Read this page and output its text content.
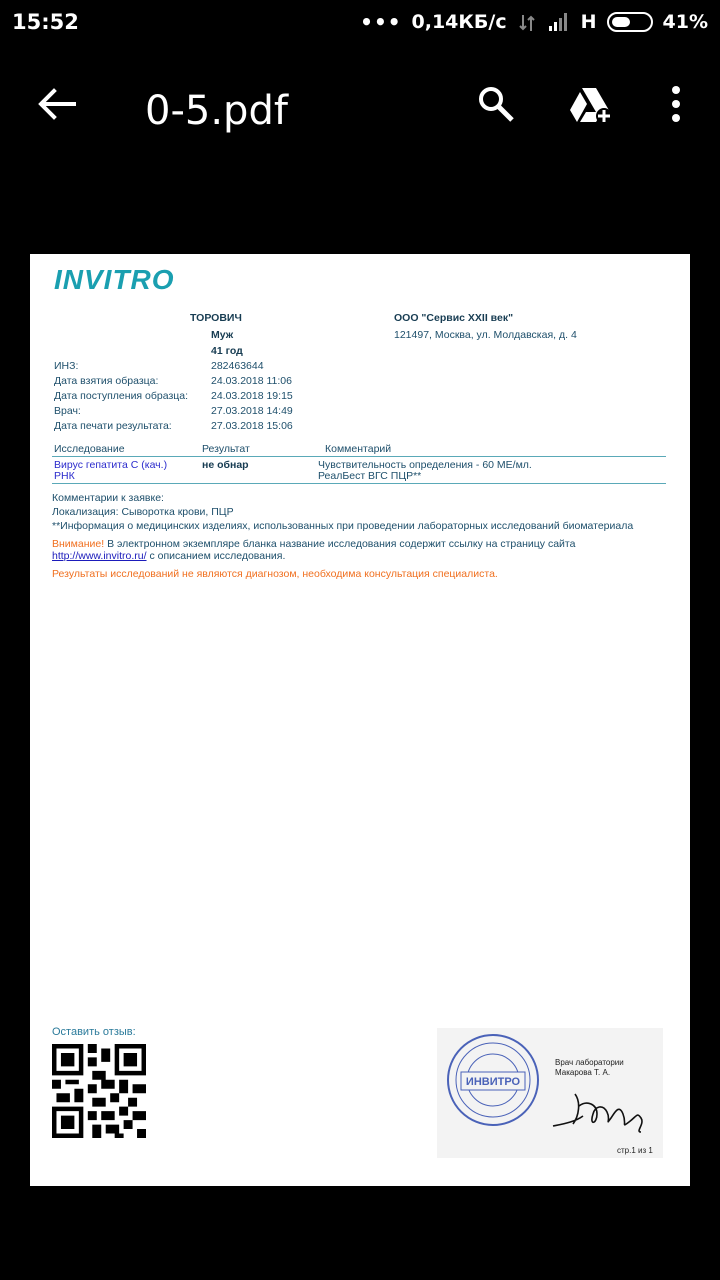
15:52	••• 0,14КБ/с	H	41%
0-5.pdf
INVITRO
ТОРОВИЧ
Муж
41 год
ООО "Сервис XXII век"
121497, Москва, ул. Молдавская, д. 4
ИНЗ:	282463644
Дата взятия образца:	24.03.2018 11:06
Дата поступления образца: 24.03.2018 19:15
Врач:	27.03.2018 14:49
Дата печати результата:	27.03.2018 15:06
Исследование	Результат	Комментарий
Вирус гепатита С (кач.)
РНК
не обнар	Чувствительность определения - 60 МЕ/мл.
РеалБест ВГС ПЦР**
Комментарии к заявке:
Локализация: Сыворотка крови, ПЦР
**Информация о медицинских изделиях, использованных при проведении лабораторных исследований биоматериала
Внимание! В электронном экземпляре бланка название исследования содержит ссылку на страницу сайта
http://www.invitro.ru/ с описанием исследования.
Результаты исследований не являются диагнозом, необходима консультация специалиста.
Оставить отзыв:
ИНВИТРО
Врач лаборатории
Макарова Т. А.
стр.1 из 1
